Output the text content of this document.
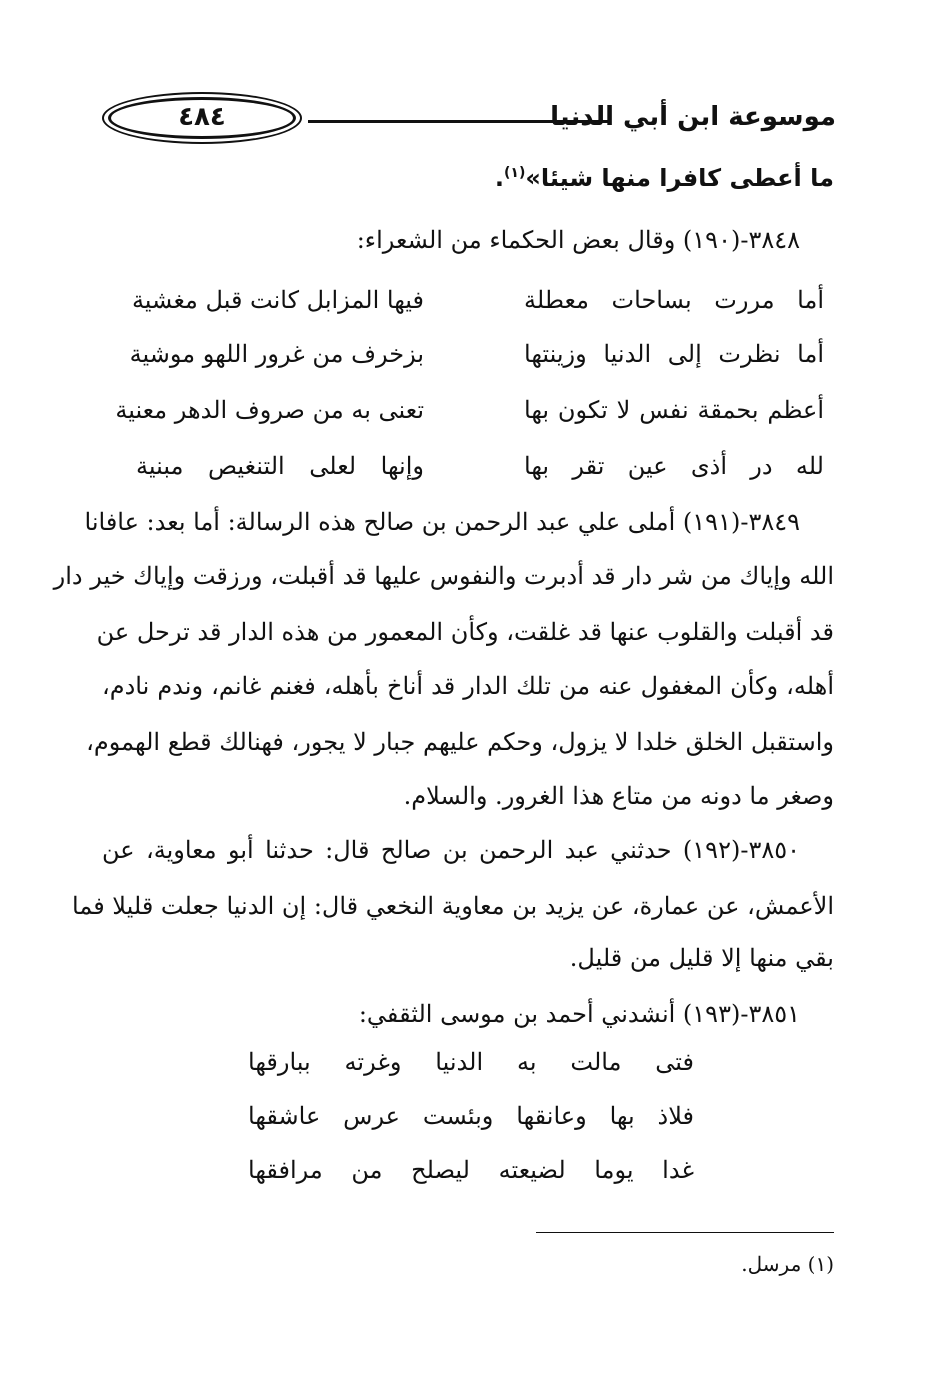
٤٨٤	موسوعة ابن أبي الدنيا
ما أعطى كافرا منها شيئا»$^{(١)}$.
٣٨٤٨-(١٩٠) وقال بعض الحكماء من الشعراء:
أما مررت بساحات معطلة
فيها المزابل كانت قبل مغشية
أما نظرت إلى الدنيا وزينتها
بزخرف من غرور اللهو موشية
أعظم بحمقة نفس لا تكون بها
تعنى به من صروف الدهر معنية
لله در أذى عين تقر بها
وإنها لعلى التنغيص مبنية
٣٨٤٩-(١٩١) أملى علي عبد الرحمن بن صالح هذه الرسالة: أما بعد: عافانا
الله وإياك من شر دار قد أدبرت والنفوس عليها قد أقبلت، ورزقت وإياك خير دار
قد أقبلت والقلوب عنها قد غلقت، وكأن المعمور من هذه الدار قد ترحل عن
أهله، وكأن المغفول عنه من تلك الدار قد أناخ بأهله، فغنم غانم، وندم نادم،
واستقبل الخلق خلدا لا يزول، وحكم عليهم جبار لا يجور، فهنالك قطع الهموم،
وصغر ما دونه من متاع هذا الغرور. والسلام.
٣٨٥٠-(١٩٢) حدثني عبد الرحمن بن صالح قال: حدثنا أبو معاوية، عن
الأعمش، عن عمارة، عن يزيد بن معاوية النخعي قال: إن الدنيا جعلت قليلا فما
بقي منها إلا قليل من قليل.
٣٨٥١-(١٩٣) أنشدني أحمد بن موسى الثقفي:
فتى مالت به الدنيا وغرته ببارقها
فلاذ بها وعانقها وبئست عرس عاشقها
غدا يوما لضيعته ليصلح من مرافقها
(١) مرسل.
